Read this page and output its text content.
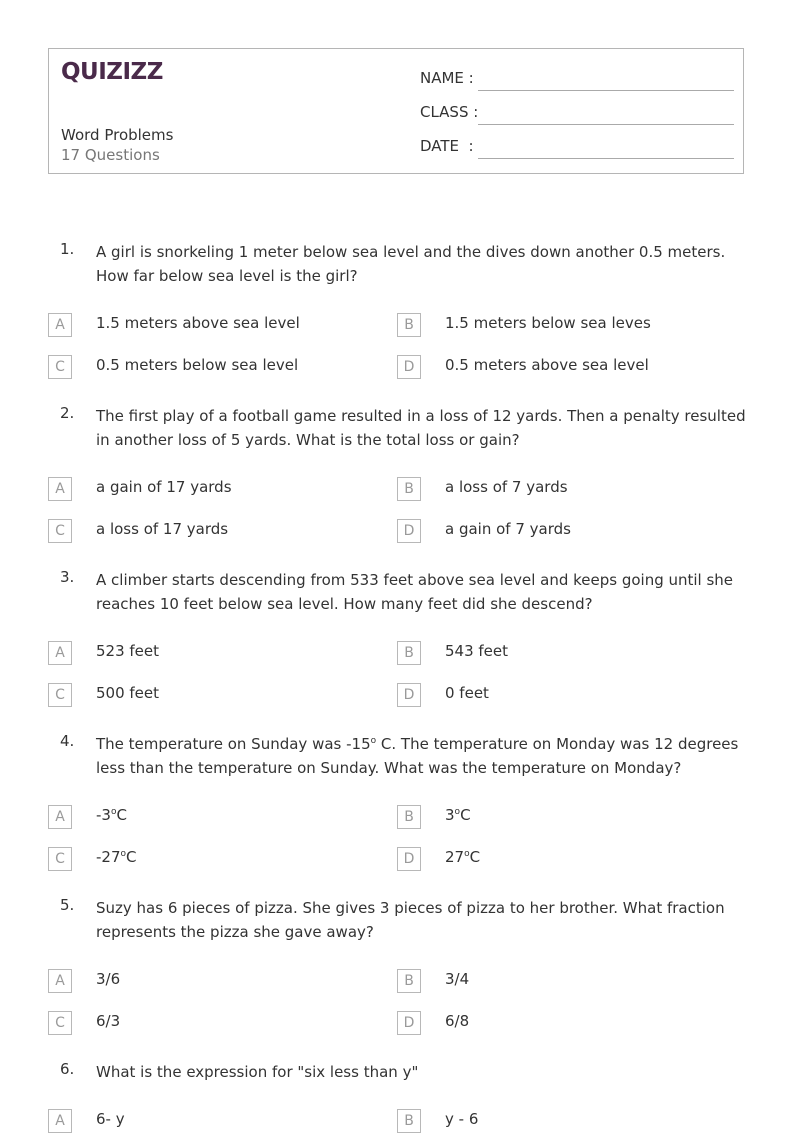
QUIZIZZ
Word Problems
17 Questions
NAME :
CLASS :
DATE  :
1. A girl is snorkeling 1 meter below sea level and the dives down another 0.5 meters. How far below sea level is the girl?
A	1.5 meters above sea level	B	1.5 meters below sea leves
C	0.5 meters below sea level	D	0.5 meters above sea level
2. The first play of a football game resulted in a loss of 12 yards. Then a penalty resulted in another loss of 5 yards. What is the total loss or gain?
A	a gain of 17 yards	B	a loss of 7 yards
C	a loss of 17 yards	D	a gain of 7 yards
3. A climber starts descending from 533 feet above sea level and keeps going until she reaches 10 feet below sea level. How many feet did she descend?
A	523 feet	B	543 feet
C	500 feet	D	0 feet
4. The temperature on Sunday was -15$^o$ C. The temperature on Monday was 12 degrees less than the temperature on Sunday. What was the temperature on Monday?
A	-3$^o$C	B	3$^o$C
C	-27$^o$C	D	27$^o$C
5. Suzy has 6 pieces of pizza. She gives 3 pieces of pizza to her brother. What fraction represents the pizza she gave away?
A	3/6	B	3/4
C	6/3	D	6/8
6. What is the expression for "six less than y"
A	6- y	B	y - 6
